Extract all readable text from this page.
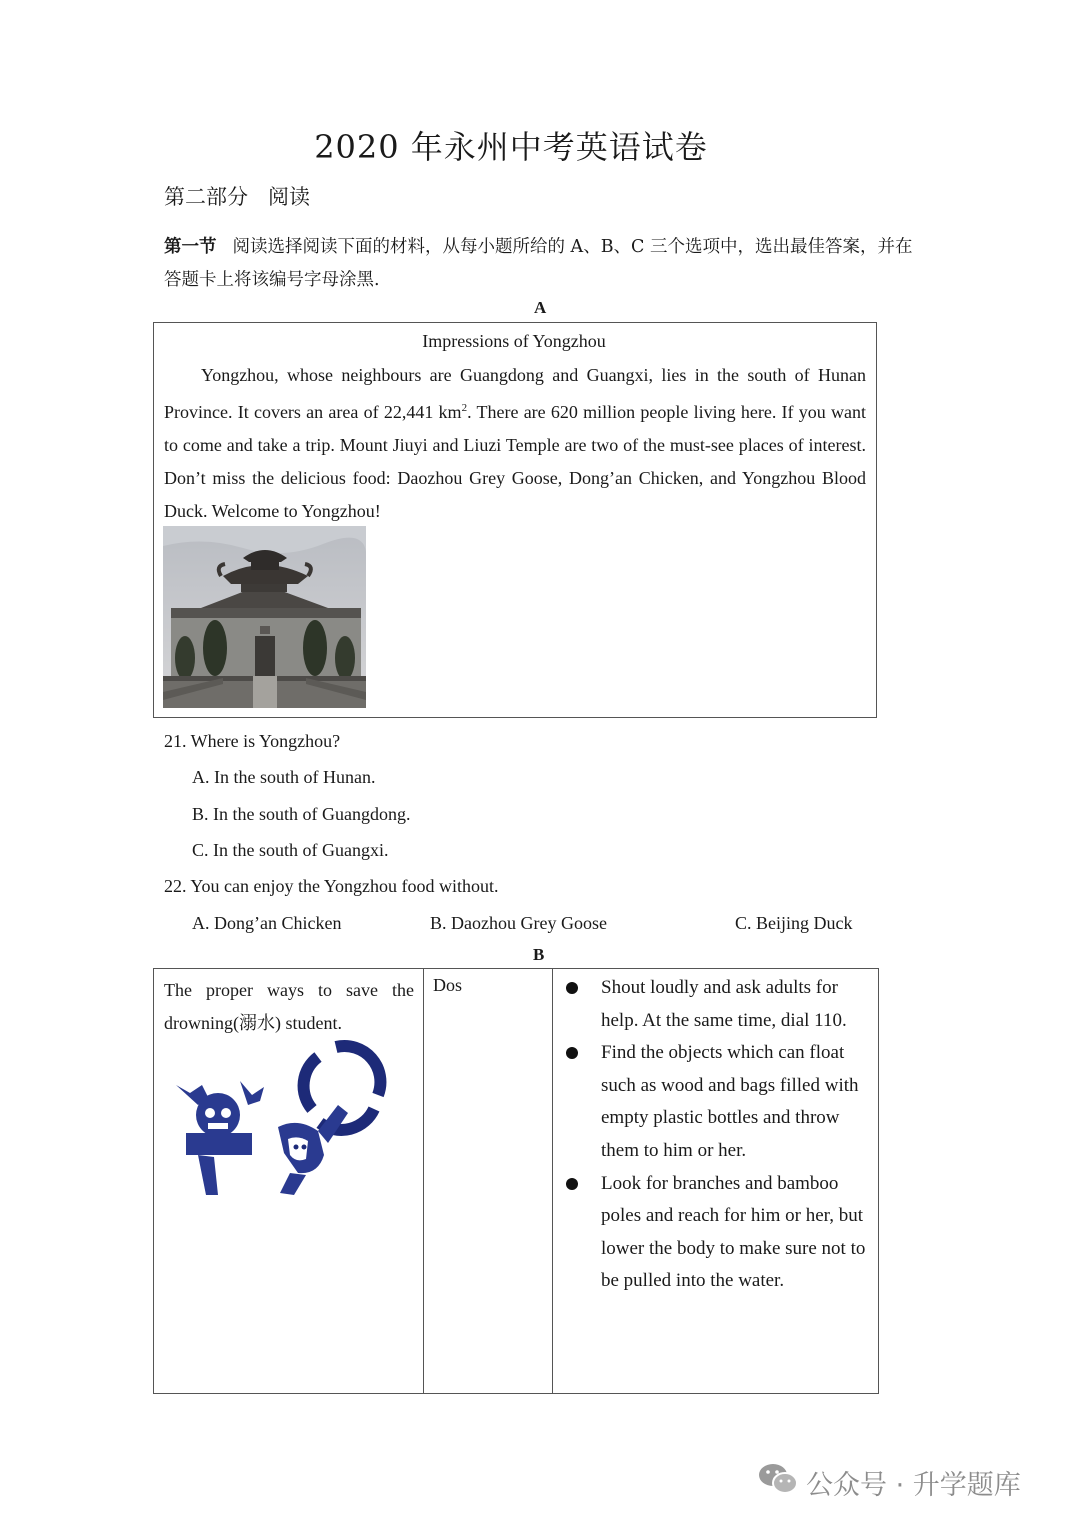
2020 年永州中考英语试卷
第二部分 阅读
第一节 阅读选择阅读下面的材料，从每小题所给的 A、B、C 三个选项中，选出最佳答案，并在答题卡上将该编号字母涂黑.
A
Impressions of Yongzhou
Yongzhou, whose neighbours are Guangdong and Guangxi, lies in the south of Hunan Province. It covers an area of 22,441 $km^2$. There are 620 million people living here. If you want to come and take a trip. Mount Jiuyi and Liuzi Temple are two of the must-see places of interest. Don’t miss the delicious food: Daozhou Grey Goose, Dong’an Chicken, and Yongzhou Blood Duck. Welcome to Yongzhou!
21. Where is Yongzhou?
A. In the south of Hunan.
B. In the south of Guangdong.
C. In the south of Guangxi.
22. You can enjoy the Yongzhou food without.
A. Dong’an Chicken	B. Daozhou Grey Goose	C. Beijing Duck
B
The proper ways to save the drowning(溺水) student.
Dos	Shout loudly and ask adults for help. At the same time, dial 110.
Find the objects which can float such as wood and bags filled with empty plastic bottles and throw them to him or her.
Look for branches and bamboo poles and reach for him or her, but lower the body to make sure not to be pulled into the water.
公众号 · 升学题库
